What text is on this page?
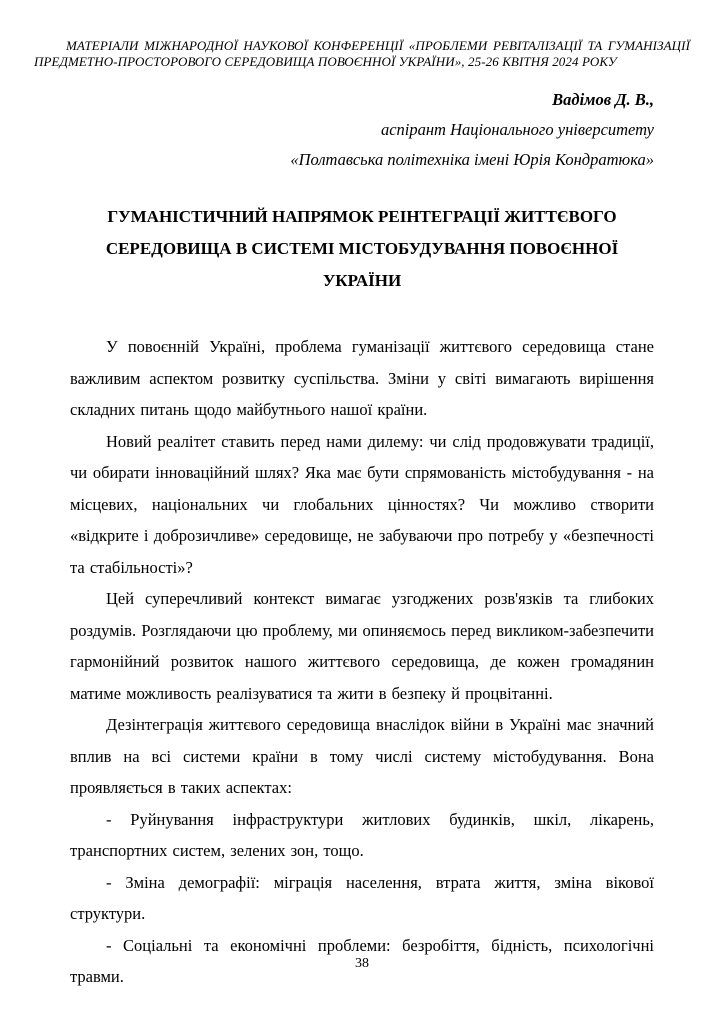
МАТЕРІАЛИ МІЖНАРОДНОЇ НАУКОВОЇ КОНФЕРЕНЦІЇ «ПРОБЛЕМИ РЕВІТАЛІЗАЦІЇ ТА ГУМАНІЗАЦІЇ ПРЕДМЕТНО-ПРОСТОРОВОГО СЕРЕДОВИЩА ПОВОЄННОЇ УКРАЇНИ», 25-26 КВІТНЯ 2024 РОКУ
Вадімов Д. В.,
аспірант Національного університету
«Полтавська політехніка імені Юрія Кондратюка»
ГУМАНІСТИЧНИЙ НАПРЯМОК РЕІНТЕГРАЦІЇ ЖИТТЄВОГО СЕРЕДОВИЩА В СИСТЕМІ МІСТОБУДУВАННЯ ПОВОЄННОЇ УКРАЇНИ

У повоєнній Україні, проблема гуманізації життєвого середовища стане важливим аспектом розвитку суспільства. Зміни у світі вимагають вирішення складних питань щодо майбутнього нашої країни.

Новий реалітет ставить перед нами дилему: чи слід продовжувати традиції, чи обирати інноваційний шлях? Яка має бути спрямованість містобудування - на місцевих, національних чи глобальних цінностях? Чи можливо створити «відкрите і доброзичливе» середовище, не забуваючи про потребу у «безпечності та стабільності»?

Цей суперечливий контекст вимагає узгоджених розв'язків та глибоких роздумів. Розглядаючи цю проблему, ми опиняємось перед викликом-забезпечити гармонійний розвиток нашого життєвого середовища, де кожен громадянин матиме можливость реалізуватися та жити в безпеку й процвітанні.

Дезінтеграція життєвого середовища внаслідок війни в Україні має значний вплив на всі системи країни в тому числі систему містобудування. Вона проявляється в таких аспектах:

- Руйнування інфраструктури житлових будинків, шкіл, лікарень, транспортних систем, зелених зон, тощо.

- Зміна демографії: міграція населення, втрата життя, зміна вікової структури.

- Соціальні та економічні проблеми: безробіття, бідність, психологічні травми.

38
